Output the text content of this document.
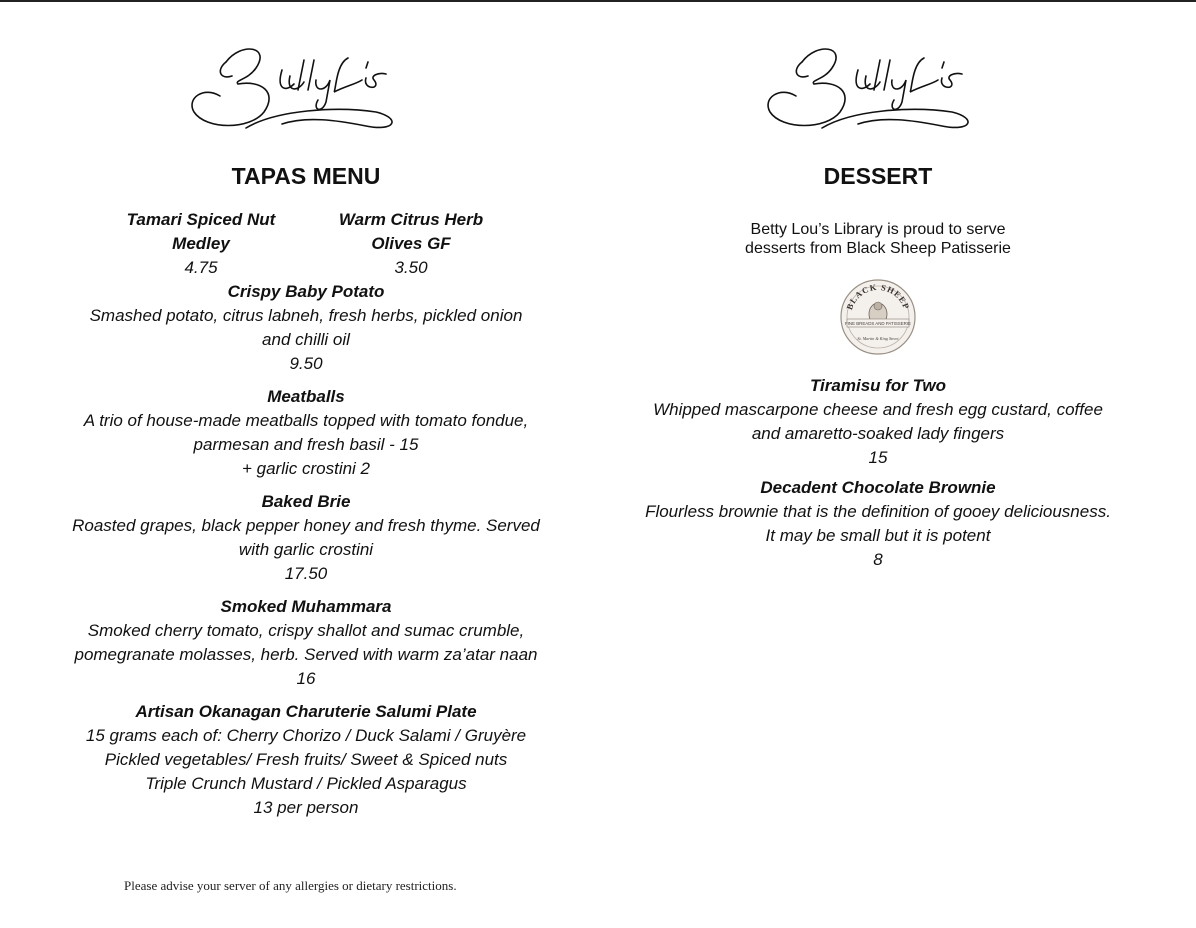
Betty Lou's
TAPAS MENU	DESSERT
Tamari Spiced Nut
Medley
4.75
Warm Citrus Herb
Olives GF
3.50
Crispy Baby Potato
Smashed potato, citrus labneh, fresh herbs, pickled onion
and chilli oil
9.50
Meatballs
A trio of house-made meatballs topped with tomato fondue,
parmesan and fresh basil - 15
+ garlic crostini 2
Baked Brie
Roasted grapes, black pepper honey and fresh thyme. Served
with garlic crostini
17.50
Smoked Muhammara
Smoked cherry tomato, crispy shallot and sumac crumble,
pomegranate molasses, herb. Served with warm za’atar naan
16
Artisan Okanagan Charuterie Salumi Plate
15 grams each of: Cherry Chorizo / Duck Salami / Gruyère
Pickled vegetables/ Fresh fruits/ Sweet & Spiced nuts
Triple Crunch Mustard / Pickled Asparagus
13 per person
Betty Lou’s Library is proud to serve
desserts from Black Sheep Patisserie
BLACK SHEEP
FINE BREADS AND PATISSERIE
St. Martin & King Street
Tiramisu for Two
Whipped mascarpone cheese and fresh egg custard, coffee
and amaretto-soaked lady fingers
15
Decadent Chocolate Brownie
Flourless brownie that is the definition of gooey deliciousness.
It may be small but it is potent
8
Please advise your server of any allergies or dietary restrictions.
